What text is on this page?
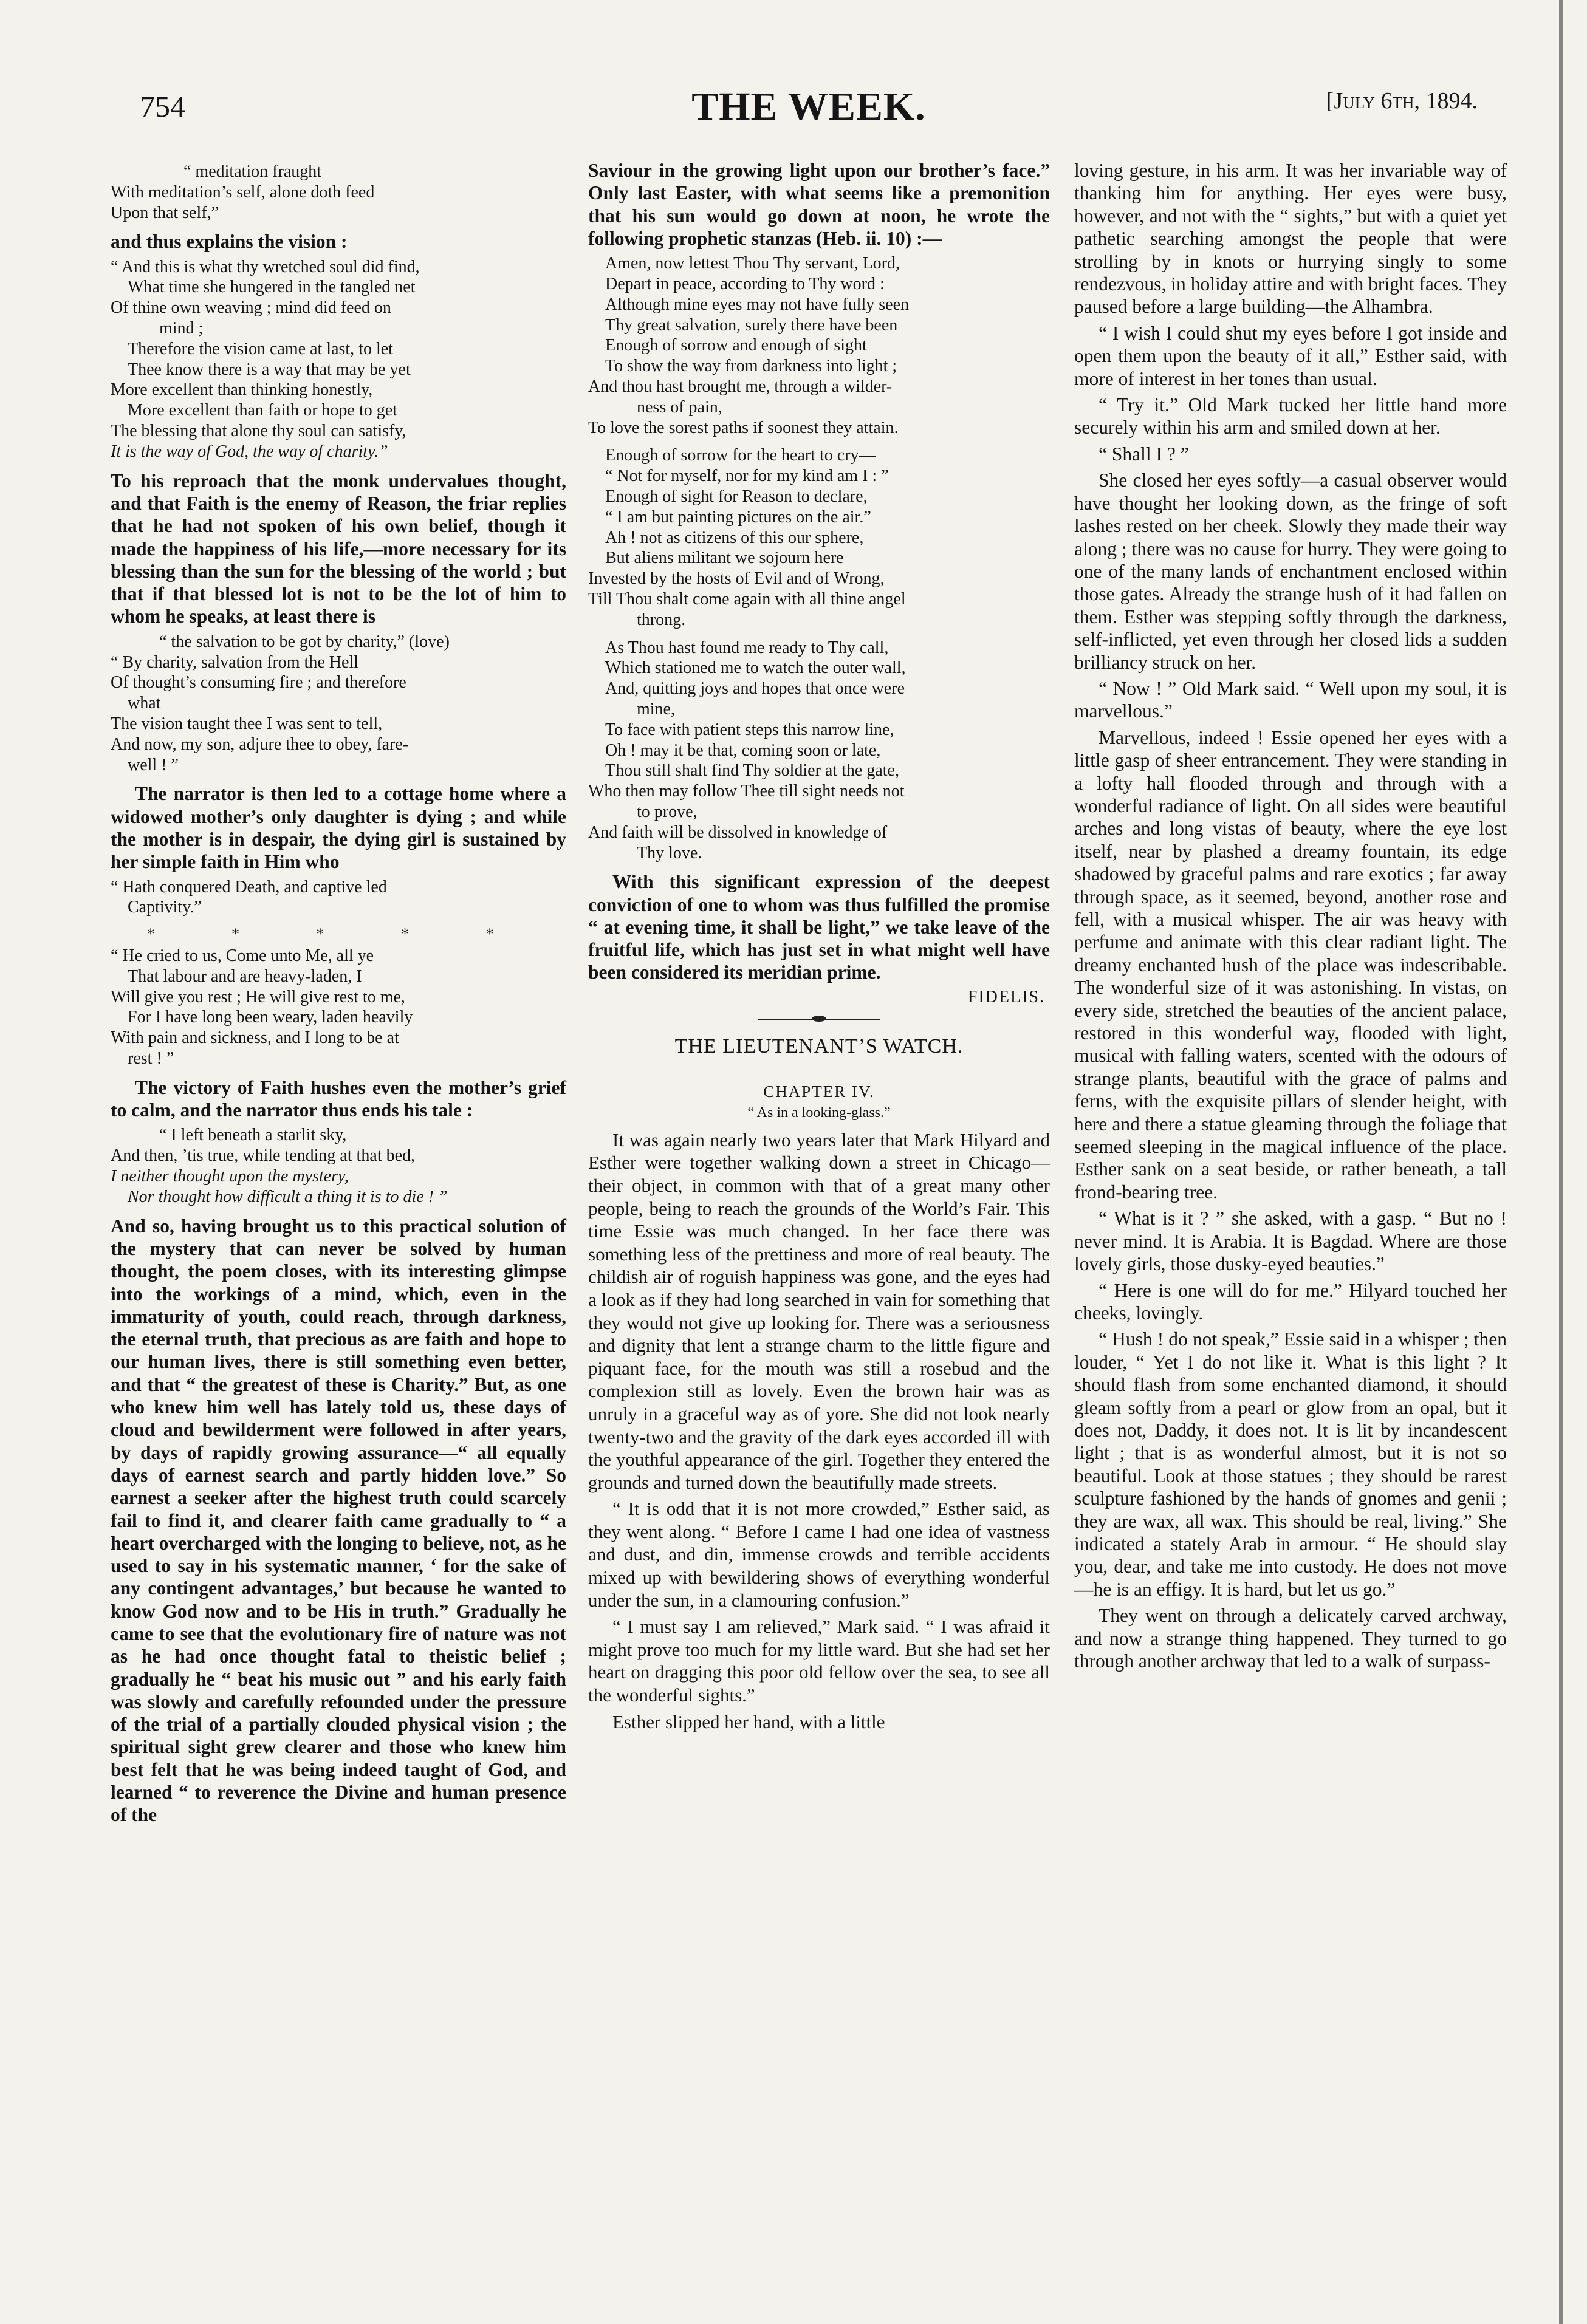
754	THE WEEK.	[July 6th, 1894.
“ meditation fraught
With meditation’s self, alone doth feed
Upon that self,”

and thus explains the vision :

“ And this is what thy wretched soul did find,
What time she hungered in the tangled net
Of thine own weaving ; mind did feed on
mind ;
Therefore the vision came at last, to let
Thee know there is a way that may be yet
More excellent than thinking honestly,
More excellent than faith or hope to get
The blessing that alone thy soul can satisfy,
It is the way of God, the way of charity.”

To his reproach that the monk undervalues thought, and that Faith is the enemy of Reason, the friar replies that he had not spoken of his own belief, though it made the happiness of his life,—more necessary for its blessing than the sun for the blessing of the world ; but that if that blessed lot is not to be the lot of him to whom he speaks, at least there is

“ the salvation to be got by charity,” (love)
“ By charity, salvation from the Hell
Of thought’s consuming fire ; and therefore
what
The vision taught thee I was sent to tell,
And now, my son, adjure thee to obey, fare-
well ! ”

The narrator is then led to a cottage home where a widowed mother’s only daughter is dying ; and while the mother is in despair, the dying girl is sustained by her simple faith in Him who

“ Hath conquered Death, and captive led
Captivity.”
* * * * *
“ He cried to us, Come unto Me, all ye
That labour and are heavy-laden, I
Will give you rest ; He will give rest to me,
For I have long been weary, laden heavily
With pain and sickness, and I long to be at
rest ! ”

The victory of Faith hushes even the mother’s grief to calm, and the narrator thus ends his tale :

“ I left beneath a starlit sky,
And then, ’tis true, while tending at that bed,
I neither thought upon the mystery,
Nor thought how difficult a thing it is to die ! ”

And so, having brought us to this practical solution of the mystery that can never be solved by human thought, the poem closes, with its interesting glimpse into the workings of a mind, which, even in the immaturity of youth, could reach, through darkness, the eternal truth, that precious as are faith and hope to our human lives, there is still something even better, and that “ the greatest of these is Charity.” But, as one who knew him well has lately told us, these days of cloud and bewilderment were followed in after years, by days of rapidly growing assurance—“ all equally days of earnest search and partly hidden love.” So earnest a seeker after the highest truth could scarcely fail to find it, and clearer faith came gradually to “ a heart overcharged with the longing to believe, not, as he used to say in his systematic manner, ‘ for the sake of any contingent advantages,’ but because he wanted to know God now and to be His in truth.” Gradually he came to see that the evolutionary fire of nature was not as he had once thought fatal to theistic belief ; gradually he “ beat his music out ” and his early faith was slowly and carefully refounded under the pressure of the trial of a partially clouded physical vision ; the spiritual sight grew clearer and those who knew him best felt that he was being indeed taught of God, and learned “ to reverence the Divine and human presence of the

Saviour in the growing light upon our brother’s face.” Only last Easter, with what seems like a premonition that his sun would go down at noon, he wrote the following prophetic stanzas (Heb. ii. 10) :—

Amen, now lettest Thou Thy servant, Lord,
Depart in peace, according to Thy word :
Although mine eyes may not have fully seen
Thy great salvation, surely there have been
Enough of sorrow and enough of sight
To show the way from darkness into light ;
And thou hast brought me, through a wilder-
ness of pain,
To love the sorest paths if soonest they attain.
Enough of sorrow for the heart to cry—
“ Not for myself, nor for my kind am I : ”
Enough of sight for Reason to declare,
“ I am but painting pictures on the air.”
Ah ! not as citizens of this our sphere,
But aliens militant we sojourn here
Invested by the hosts of Evil and of Wrong,
Till Thou shalt come again with all thine angel
throng.
As Thou hast found me ready to Thy call,
Which stationed me to watch the outer wall,
And, quitting joys and hopes that once were
mine,
To face with patient steps this narrow line,
Oh ! may it be that, coming soon or late,
Thou still shalt find Thy soldier at the gate,
Who then may follow Thee till sight needs not
to prove,
And faith will be dissolved in knowledge of
Thy love.

With this significant expression of the deepest conviction of one to whom was thus fulfilled the promise “ at evening time, it shall be light,” we take leave of the fruitful life, which has just set in what might well have been considered its meridian prime.

FIDELIS.
THE LIEUTENANT’S WATCH.
CHAPTER IV.
“ As in a looking-glass.”

It was again nearly two years later that Mark Hilyard and Esther were together walking down a street in Chicago—their object, in common with that of a great many other people, being to reach the grounds of the World’s Fair. This time Essie was much changed. In her face there was something less of the prettiness and more of real beauty. The childish air of roguish happiness was gone, and the eyes had a look as if they had long searched in vain for something that they would not give up looking for. There was a seriousness and dignity that lent a strange charm to the little figure and piquant face, for the mouth was still a rosebud and the complexion still as lovely. Even the brown hair was as unruly in a graceful way as of yore. She did not look nearly twenty-two and the gravity of the dark eyes accorded ill with the youthful appearance of the girl. Together they entered the grounds and turned down the beautifully made streets.

“ It is odd that it is not more crowded,” Esther said, as they went along. “ Before I came I had one idea of vastness and dust, and din, immense crowds and terrible accidents mixed up with bewildering shows of everything wonderful under the sun, in a clamouring confusion.”

“ I must say I am relieved,” Mark said. “ I was afraid it might prove too much for my little ward. But she had set her heart on dragging this poor old fellow over the sea, to see all the wonderful sights.”

Esther slipped her hand, with a little

loving gesture, in his arm. It was her invariable way of thanking him for anything. Her eyes were busy, however, and not with the “ sights,” but with a quiet yet pathetic searching amongst the people that were strolling by in knots or hurrying singly to some rendezvous, in holiday attire and with bright faces. They paused before a large building—the Alhambra.

“ I wish I could shut my eyes before I got inside and open them upon the beauty of it all,” Esther said, with more of interest in her tones than usual.

“ Try it.” Old Mark tucked her little hand more securely within his arm and smiled down at her.

“ Shall I ? ”

She closed her eyes softly—a casual observer would have thought her looking down, as the fringe of soft lashes rested on her cheek. Slowly they made their way along ; there was no cause for hurry. They were going to one of the many lands of enchantment enclosed within those gates. Already the strange hush of it had fallen on them. Esther was stepping softly through the darkness, self-inflicted, yet even through her closed lids a sudden brilliancy struck on her.

“ Now ! ” Old Mark said. “ Well upon my soul, it is marvellous.”

Marvellous, indeed ! Essie opened her eyes with a little gasp of sheer entrancement. They were standing in a lofty hall flooded through and through with a wonderful radiance of light. On all sides were beautiful arches and long vistas of beauty, where the eye lost itself, near by plashed a dreamy fountain, its edge shadowed by graceful palms and rare exotics ; far away through space, as it seemed, beyond, another rose and fell, with a musical whisper. The air was heavy with perfume and animate with this clear radiant light. The dreamy enchanted hush of the place was indescribable. The wonderful size of it was astonishing. In vistas, on every side, stretched the beauties of the ancient palace, restored in this wonderful way, flooded with light, musical with falling waters, scented with the odours of strange plants, beautiful with the grace of palms and ferns, with the exquisite pillars of slender height, with here and there a statue gleaming through the foliage that seemed sleeping in the magical influence of the place. Esther sank on a seat beside, or rather beneath, a tall frond-bearing tree.

“ What is it ? ” she asked, with a gasp. “ But no ! never mind. It is Arabia. It is Bagdad. Where are those lovely girls, those dusky-eyed beauties.”

“ Here is one will do for me.” Hilyard touched her cheeks, lovingly.

“ Hush ! do not speak,” Essie said in a whisper ; then louder, “ Yet I do not like it. What is this light ? It should flash from some enchanted diamond, it should gleam softly from a pearl or glow from an opal, but it does not, Daddy, it does not. It is lit by incandescent light ; that is as wonderful almost, but it is not so beautiful. Look at those statues ; they should be rarest sculpture fashioned by the hands of gnomes and genii ; they are wax, all wax. This should be real, living.” She indicated a stately Arab in armour. “ He should slay you, dear, and take me into custody. He does not move—he is an effigy. It is hard, but let us go.”

They went on through a delicately carved archway, and now a strange thing happened. They turned to go through another archway that led to a walk of surpass-
